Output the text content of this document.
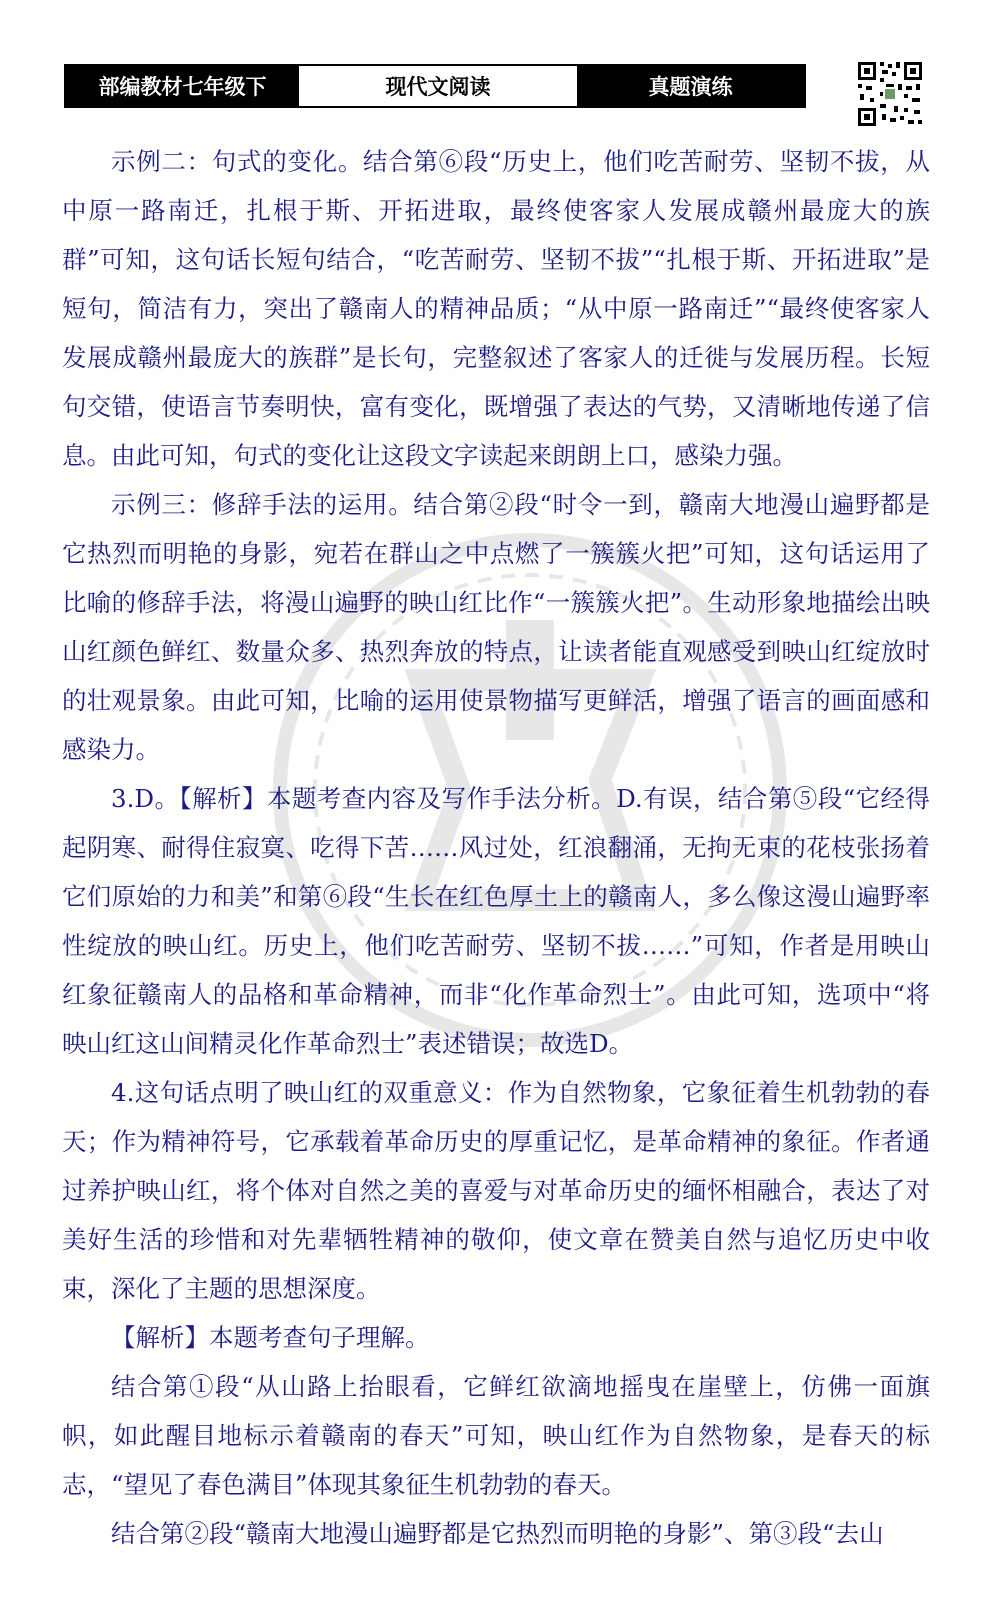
部编教材七年级下	现代文阅读	真题演练

示例二：句式的变化。结合第⑥段“历史上，他们吃苦耐劳、坚韧不拔，从中原一路南迁，扎根于斯、开拓进取，最终使客家人发展成赣州最庞大的族群”可知，这句话长短句结合，“吃苦耐劳、坚韧不拔”“扎根于斯、开拓进取”是短句，简洁有力，突出了赣南人的精神品质；“从中原一路南迁”“最终使客家人发展成赣州最庞大的族群”是长句，完整叙述了客家人的迁徙与发展历程。长短句交错，使语言节奏明快，富有变化，既增强了表达的气势，又清晰地传递了信息。由此可知，句式的变化让这段文字读起来朗朗上口，感染力强。

示例三：修辞手法的运用。结合第②段“时令一到，赣南大地漫山遍野都是它热烈而明艳的身影，宛若在群山之中点燃了一簇簇火把”可知，这句话运用了比喻的修辞手法，将漫山遍野的映山红比作“一簇簇火把”。生动形象地描绘出映山红颜色鲜红、数量众多、热烈奔放的特点，让读者能直观感受到映山红绽放时的壮观景象。由此可知，比喻的运用使景物描写更鲜活，增强了语言的画面感和感染力。

3.D。【解析】本题考查内容及写作手法分析。D.有误，结合第⑤段“它经得起阴寒、耐得住寂寞、吃得下苦……风过处，红浪翻涌，无拘无束的花枝张扬着它们原始的力和美”和第⑥段“生长在红色厚土上的赣南人，多么像这漫山遍野率性绽放的映山红。历史上，他们吃苦耐劳、坚韧不拔……”可知，作者是用映山红象征赣南人的品格和革命精神，而非“化作革命烈士”。由此可知，选项中“将映山红这山间精灵化作革命烈士”表述错误；故选D。

4.这句话点明了映山红的双重意义：作为自然物象，它象征着生机勃勃的春天；作为精神符号，它承载着革命历史的厚重记忆，是革命精神的象征。作者通过养护映山红，将个体对自然之美的喜爱与对革命历史的缅怀相融合，表达了对美好生活的珍惜和对先辈牺牲精神的敬仰，使文章在赞美自然与追忆历史中收束，深化了主题的思想深度。

【解析】本题考查句子理解。

结合第①段“从山路上抬眼看，它鲜红欲滴地摇曳在崖壁上，仿佛一面旗帜，如此醒目地标示着赣南的春天”可知，映山红作为自然物象，是春天的标志，“望见了春色满目”体现其象征生机勃勃的春天。

结合第②段“赣南大地漫山遍野都是它热烈而明艳的身影”、第③段“去山
